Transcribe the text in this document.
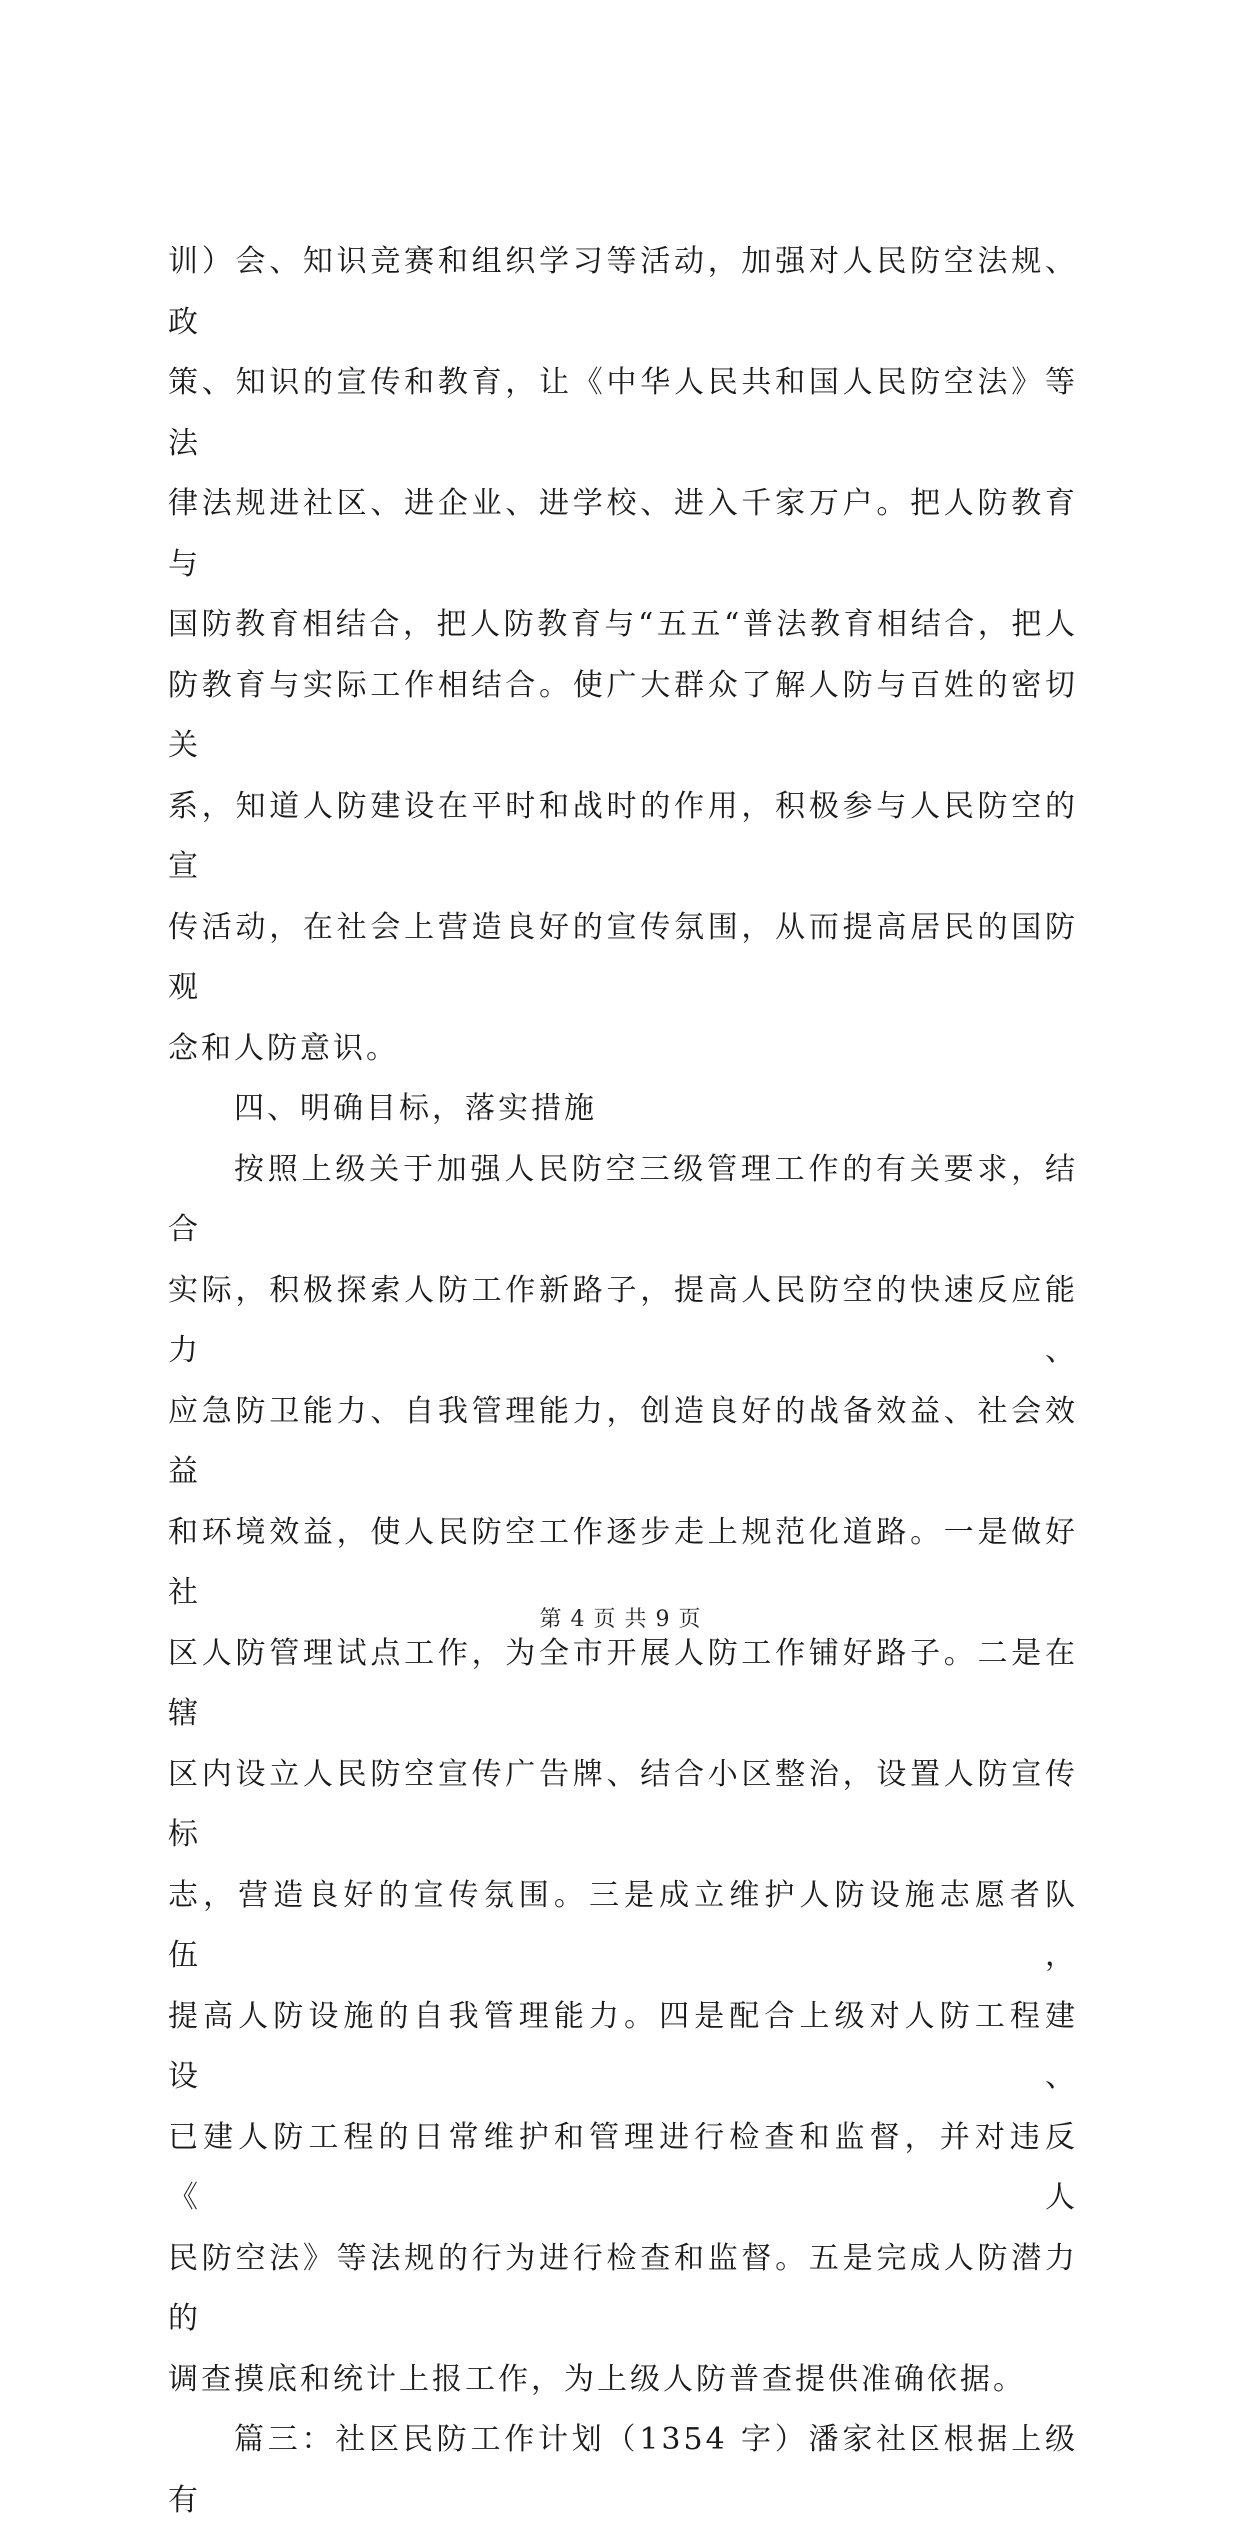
训）会、知识竞赛和组织学习等活动，加强对人民防空法规、政
策、知识的宣传和教育，让《中华人民共和国人民防空法》等法
律法规进社区、进企业、进学校、进入千家万户。把人防教育与
国防教育相结合，把人防教育与“五五“普法教育相结合，把人
防教育与实际工作相结合。使广大群众了解人防与百姓的密切关
系，知道人防建设在平时和战时的作用，积极参与人民防空的宣
传活动，在社会上营造良好的宣传氛围，从而提高居民的国防观
念和人防意识。
四、明确目标，落实措施
按照上级关于加强人民防空三级管理工作的有关要求，结合
实际，积极探索人防工作新路子，提高人民防空的快速反应能力、
应急防卫能力、自我管理能力，创造良好的战备效益、社会效益
和环境效益，使人民防空工作逐步走上规范化道路。一是做好社
区人防管理试点工作，为全市开展人防工作铺好路子。二是在辖
区内设立人民防空宣传广告牌、结合小区整治，设置人防宣传标
志，营造良好的宣传氛围。三是成立维护人防设施志愿者队伍，
提高人防设施的自我管理能力。四是配合上级对人防工程建设、
已建人防工程的日常维护和管理进行检查和监督，并对违反《人
民防空法》等法规的行为进行检查和监督。五是完成人防潜力的
调查摸底和统计上报工作，为上级人防普查提供准确依据。
篇三：社区民防工作计划（1354 字）潘家社区根据上级有
第 4 页 共 9 页
